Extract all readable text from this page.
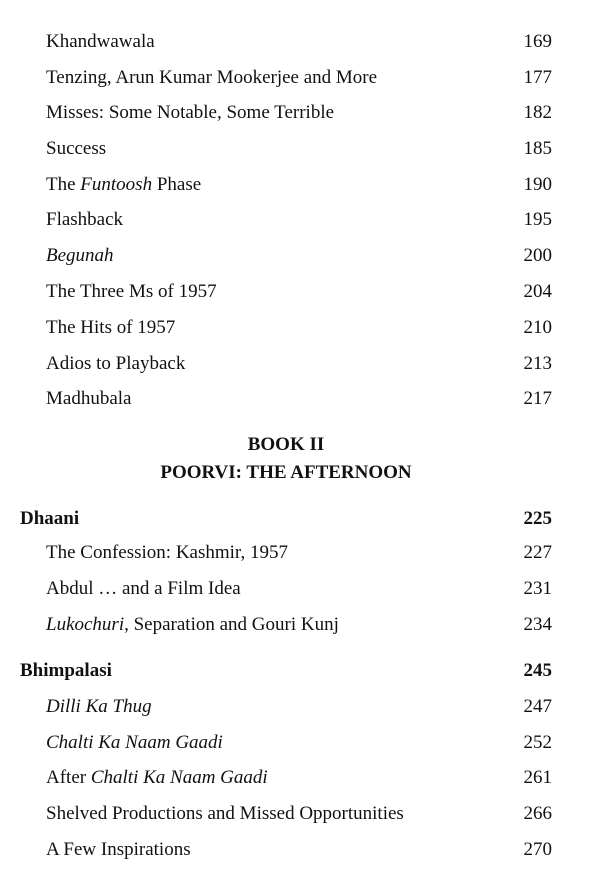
Khandwawala	169
Tenzing, Arun Kumar Mookerjee and More	177
Misses: Some Notable, Some Terrible	182
Success	185
The Funtoosh Phase	190
Flashback	195
Begunah	200
The Three Ms of 1957	204
The Hits of 1957	210
Adios to Playback	213
Madhubala	217
BOOK II
POORVI: THE AFTERNOON
Dhaani	225
The Confession: Kashmir, 1957	227
Abdul … and a Film Idea	231
Lukochuri, Separation and Gouri Kunj	234
Bhimpalasi	245
Dilli Ka Thug	247
Chalti Ka Naam Gaadi	252
After Chalti Ka Naam Gaadi	261
Shelved Productions and Missed Opportunities	266
A Few Inspirations	270
